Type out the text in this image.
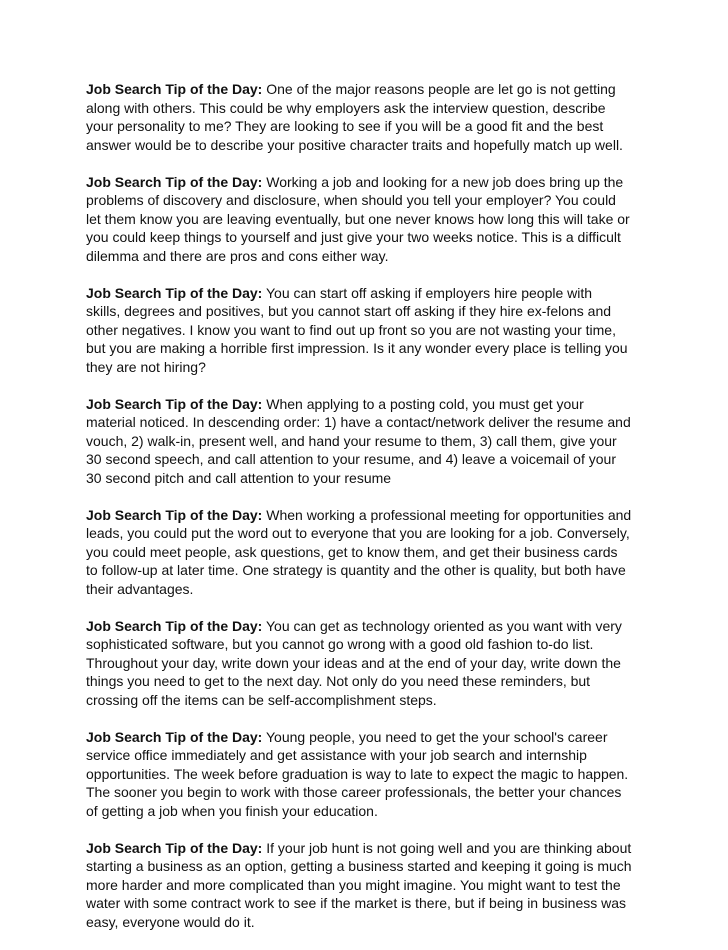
Job Search Tip of the Day: One of the major reasons people are let go is not getting
along with others. This could be why employers ask the interview question, describe
your personality to me? They are looking to see if you will be a good fit and the best
answer would be to describe your positive character traits and hopefully match up well.

Job Search Tip of the Day: Working a job and looking for a new job does bring up the
problems of discovery and disclosure, when should you tell your employer? You could
let them know you are leaving eventually, but one never knows how long this will take or
you could keep things to yourself and just give your two weeks notice. This is a difficult
dilemma and there are pros and cons either way.

Job Search Tip of the Day: You can start off asking if employers hire people with
skills, degrees and positives, but you cannot start off asking if they hire ex-felons and
other negatives. I know you want to find out up front so you are not wasting your time,
but you are making a horrible first impression. Is it any wonder every place is telling you
they are not hiring?

Job Search Tip of the Day: When applying to a posting cold, you must get your
material noticed. In descending order: 1) have a contact/network deliver the resume and
vouch, 2) walk-in, present well, and hand your resume to them, 3) call them, give your
30 second speech, and call attention to your resume, and 4) leave a voicemail of your
30 second pitch and call attention to your resume

Job Search Tip of the Day: When working a professional meeting for opportunities and
leads, you could put the word out to everyone that you are looking for a job. Conversely,
you could meet people, ask questions, get to know them, and get their business cards
to follow-up at later time. One strategy is quantity and the other is quality, but both have
their advantages.

Job Search Tip of the Day: You can get as technology oriented as you want with very
sophisticated software, but you cannot go wrong with a good old fashion to-do list.
Throughout your day, write down your ideas and at the end of your day, write down the
things you need to get to the next day. Not only do you need these reminders, but
crossing off the items can be self-accomplishment steps.

Job Search Tip of the Day: Young people, you need to get the your school's career
service office immediately and get assistance with your job search and internship
opportunities. The week before graduation is way to late to expect the magic to happen.
The sooner you begin to work with those career professionals, the better your chances
of getting a job when you finish your education.

Job Search Tip of the Day: If your job hunt is not going well and you are thinking about
starting a business as an option, getting a business started and keeping it going is much
more harder and more complicated than you might imagine. You might want to test the
water with some contract work to see if the market is there, but if being in business was
easy, everyone would do it.
